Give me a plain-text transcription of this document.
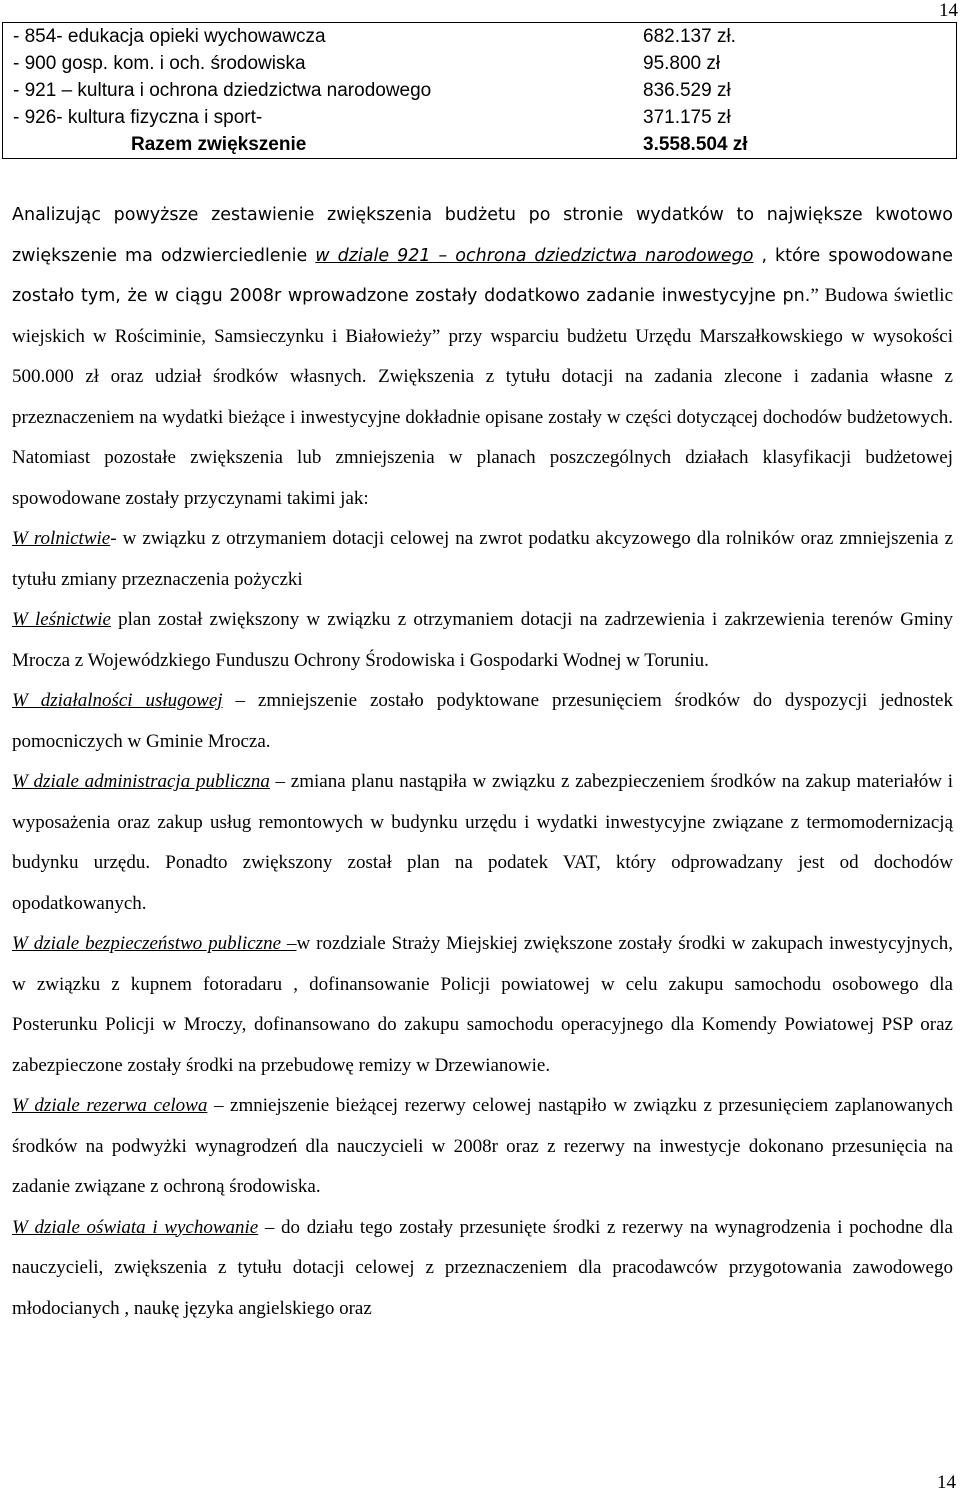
14
- 854- edukacja opieki wychowawcza	682.137 zł.
- 900 gosp. kom. i och. środowiska	95.800 zł
- 921 – kultura i ochrona dziedzictwa narodowego	836.529 zł
- 926- kultura fizyczna i sport-	371.175 zł
Razem zwiększenie	3.558.504 zł

Analizując powyższe zestawienie zwiększenia budżetu po stronie wydatków to największe kwotowo zwiększenie ma odzwierciedlenie w dziale 921 – ochrona dziedzictwa narodowego , które spowodowane zostało tym, że w ciągu 2008r wprowadzone zostały dodatkowo zadanie inwestycyjne pn.” Budowa świetlic wiejskich w Rościminie, Samsieczynku i Białowieży” przy wsparciu budżetu Urzędu Marszałkowskiego w wysokości 500.000 zł oraz udział środków własnych. Zwiększenia z tytułu dotacji na zadania zlecone i zadania własne z przeznaczeniem na wydatki bieżące i inwestycyjne dokładnie opisane zostały w części dotyczącej dochodów budżetowych. Natomiast pozostałe zwiększenia lub zmniejszenia w planach poszczególnych działach klasyfikacji budżetowej spowodowane zostały przyczynami takimi jak:

W rolnictwie- w związku z otrzymaniem dotacji celowej na zwrot podatku akcyzowego dla rolników oraz zmniejszenia z tytułu zmiany przeznaczenia pożyczki

W leśnictwie plan został zwiększony w związku z otrzymaniem dotacji na zadrzewienia i zakrzewienia terenów Gminy Mrocza z Wojewódzkiego Funduszu Ochrony Środowiska i Gospodarki Wodnej w Toruniu.

W działalności usługowej – zmniejszenie zostało podyktowane przesunięciem środków do dyspozycji jednostek pomocniczych w Gminie Mrocza.

W dziale administracja publiczna – zmiana planu nastąpiła w związku z zabezpieczeniem środków na zakup materiałów i wyposażenia oraz zakup usług remontowych w budynku urzędu i wydatki inwestycyjne związane z termomodernizacją budynku urzędu. Ponadto zwiększony został plan na podatek VAT, który odprowadzany jest od dochodów opodatkowanych.

W dziale bezpieczeństwo publiczne –w rozdziale Straży Miejskiej zwiększone zostały środki w zakupach inwestycyjnych, w związku z kupnem fotoradaru , dofinansowanie Policji powiatowej w celu zakupu samochodu osobowego dla Posterunku Policji w Mroczy, dofinansowano do zakupu samochodu operacyjnego dla Komendy Powiatowej PSP oraz zabezpieczone zostały środki na przebudowę remizy w Drzewianowie.

W dziale rezerwa celowa – zmniejszenie bieżącej rezerwy celowej nastąpiło w związku z przesunięciem zaplanowanych środków na podwyżki wynagrodzeń dla nauczycieli w 2008r oraz z rezerwy na inwestycje dokonano przesunięcia na zadanie związane z ochroną środowiska.

W dziale oświata i wychowanie – do działu tego zostały przesunięte środki z rezerwy na wynagrodzenia i pochodne dla nauczycieli, zwiększenia z tytułu dotacji celowej z przeznaczeniem dla pracodawców przygotowania zawodowego młodocianych , naukę języka angielskiego oraz

14
